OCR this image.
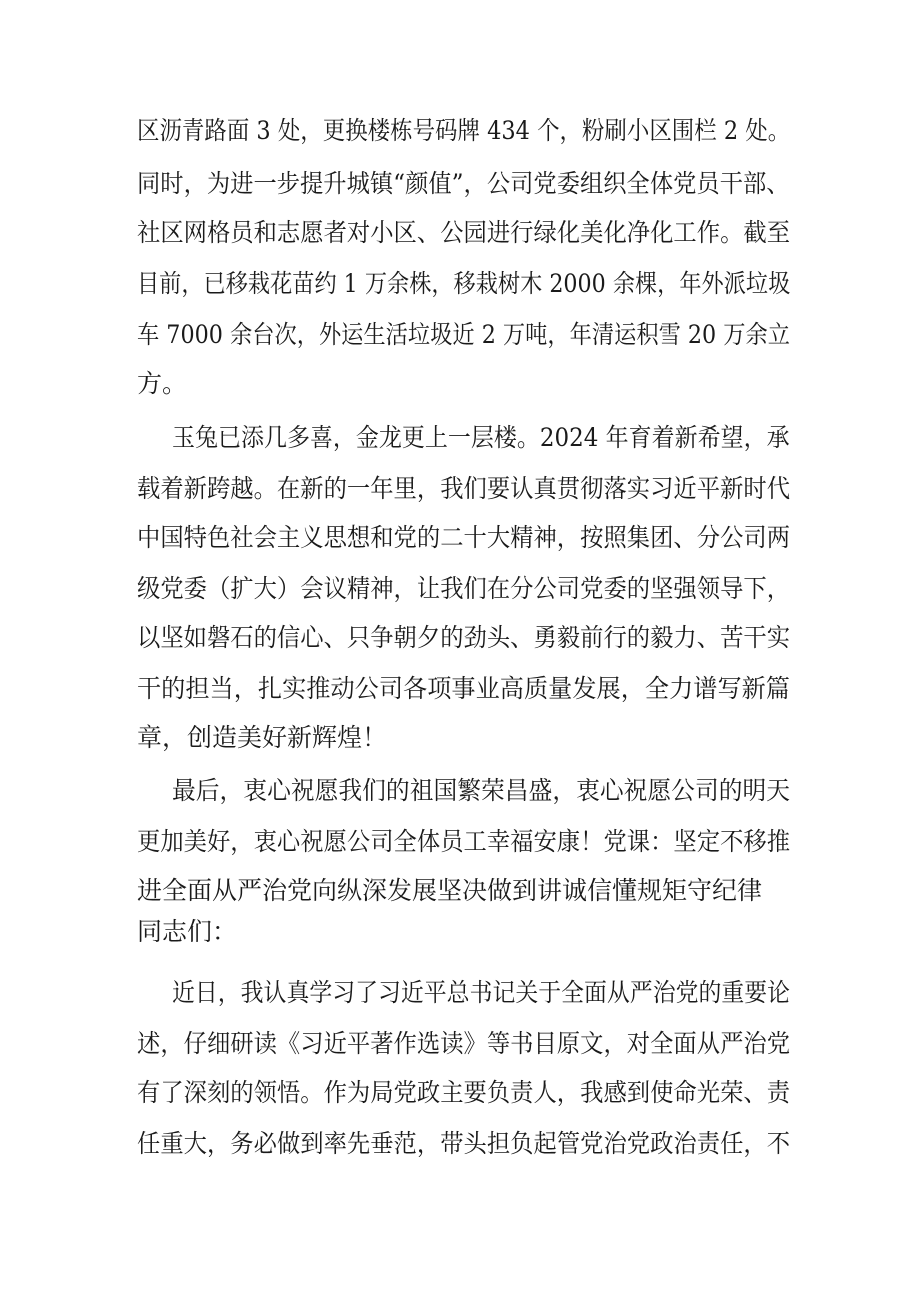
区沥青路面 3 处，更换楼栋号码牌 434 个，粉刷小区围栏 2 处。
同时，为进一步提升城镇“颜值”，公司党委组织全体党员干部、
社区网格员和志愿者对小区、公园进行绿化美化净化工作。截至
目前，已移栽花苗约 1 万余株，移栽树木 2000 余棵，年外派垃圾
车 7000 余台次，外运生活垃圾近 2 万吨，年清运积雪 20 万余立
方。
玉兔已添几多喜，金龙更上一层楼。2024 年育着新希望，承
载着新跨越。在新的一年里，我们要认真贯彻落实习近平新时代
中国特色社会主义思想和党的二十大精神，按照集团、分公司两
级党委（扩大）会议精神，让我们在分公司党委的坚强领导下，
以坚如磐石的信心、只争朝夕的劲头、勇毅前行的毅力、苦干实
干的担当，扎实推动公司各项事业高质量发展，全力谱写新篇
章，创造美好新辉煌！
最后，衷心祝愿我们的祖国繁荣昌盛，衷心祝愿公司的明天
更加美好，衷心祝愿公司全体员工幸福安康！党课：坚定不移推
进全面从严治党向纵深发展坚决做到讲诚信懂规矩守纪律
同志们：
近日，我认真学习了习近平总书记关于全面从严治党的重要论
述，仔细研读《习近平著作选读》等书目原文，对全面从严治党
有了深刻的领悟。作为局党政主要负责人，我感到使命光荣、责
任重大，务必做到率先垂范，带头担负起管党治党政治责任，不
